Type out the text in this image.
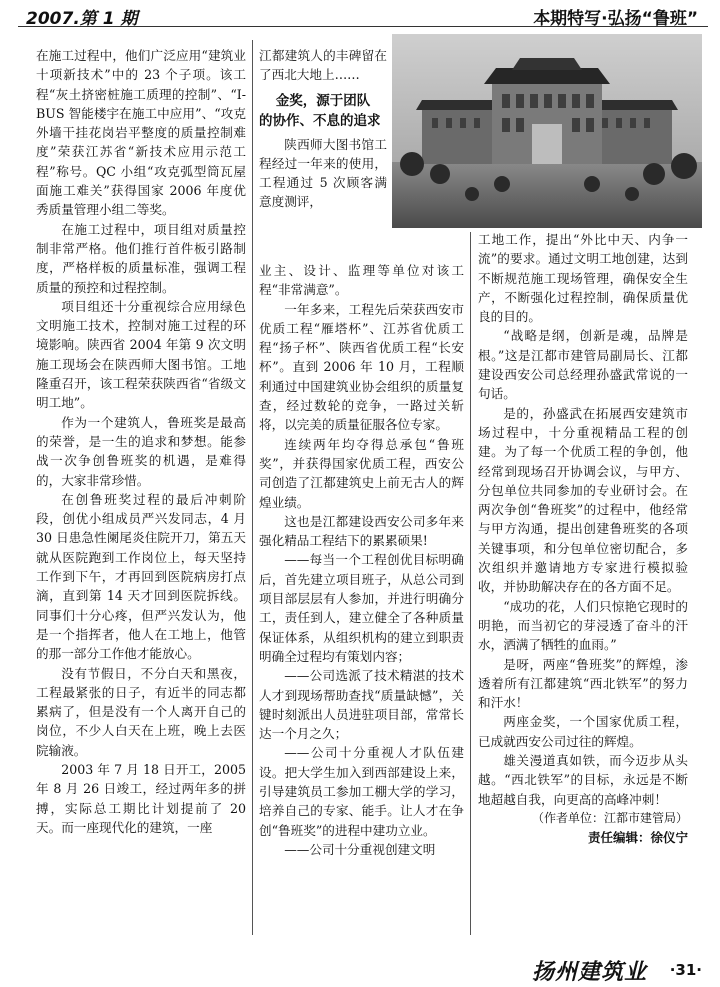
2007.第 1 期	本期特写·弘扬“鲁班”

在施工过程中，他们广泛应用“建筑业十项新技术”中的 23 个子项。该工程“灰土挤密桩施工质理的控制”、“I- BUS 智能楼宇在施工中应用”、“攻克外墙干挂花岗岩平整度的质量控制难度”荣获江苏省“新技术应用示范工程”称号。QC 小组“攻克弧型筒瓦屋面施工难关”获得国家 2006 年度优秀质量管理小组二等奖。

在施工过程中，项目组对质量控制非常严格。他们推行首件板引路制度，严格样板的质量标准，强调工程质量的预控和过程控制。

项目组还十分重视综合应用绿色文明施工技术，控制对施工过程的环境影响。陕西省 2004 年第 9 次文明施工现场会在陕西师大图书馆。工地隆重召开，该工程荣获陕西省“省级文明工地”。

作为一个建筑人，鲁班奖是最高的荣誉，是一生的追求和梦想。能参战一次争创鲁班奖的机遇，是难得的，大家非常珍惜。

在创鲁班奖过程的最后冲刺阶段，创优小组成员严兴发同志，4 月 30 日患急性阑尾炎住院开刀，第五天就从医院跑到工作岗位上，每天坚持工作到下午，才再回到医院病房打点滴，直到第 14 天才回到医院拆线。同事们十分心疼，但严兴发认为，他是一个指挥者，他人在工地上，他管的那一部分工作他才能放心。

没有节假日，不分白天和黑夜，工程最紧张的日子，有近半的同志都累病了，但是没有一个人离开自己的岗位，不少人白天在上班，晚上去医院输液。

2003 年 7 月 18 日开工，2005 年 8 月 26 日竣工，经过两年多的拼搏，实际总工期比计划提前了 20 天。而一座现代化的建筑，一座

江都建筑人的丰碑留在了西北大地上……

金奖，源于团队
的协作、不息的追求

陕西师大图书馆工程经过一年来的使用，工程通过 5 次顾客满意度测评，

业主、设计、监理等单位对该工程“非常满意”。

一年多来，工程先后荣获西安市优质工程“雁塔杯”、江苏省优质工程“扬子杯”、陕西省优质工程“长安杯”。直到 2006 年 10 月，工程顺利通过中国建筑业协会组织的质量复查，经过数轮的竞争，一路过关斩将，以完美的质量征服各位专家。

连续两年均夺得总承包“鲁班奖”，并获得国家优质工程，西安公司创造了江都建筑史上前无古人的辉煌业绩。

这也是江都建设西安公司多年来强化精品工程结下的累累硕果!

——每当一个工程创优目标明确后，首先建立项目班子，从总公司到项目部层层有人参加，并进行明确分工，责任到人，建立健全了各种质量保证体系，从组织机构的建立到职责明确全过程均有策划内容；

——公司选派了技术精湛的技术人才到现场帮助查找“质量缺憾”，关键时刻派出人员进驻项目部，常常长达一个月之久；

——公司十分重视人才队伍建设。把大学生加入到西部建设上来，引导建筑员工参加工棚大学的学习，培养自己的专家、能手。让人才在争创“鲁班奖”的进程中建功立业。

——公司十分重视创建文明

工地工作，提出“外比中天、内争一流”的要求。通过文明工地创建，达到不断规范施工现场管理，确保安全生产，不断强化过程控制，确保质量优良的目的。

“战略是纲，创新是魂，品牌是根。”这是江都市建管局副局长、江都建设西安公司总经理孙盛武常说的一句话。

是的，孙盛武在拓展西安建筑市场过程中，十分重视精品工程的创建。为了每一个优质工程的争创，他经常到现场召开协调会议，与甲方、分包单位共同参加的专业研讨会。在两次争创“鲁班奖”的过程中，他经常与甲方沟通，提出创建鲁班奖的各项关键事项，和分包单位密切配合，多次组织并邀请地方专家进行模拟验收，并协助解决存在的各方面不足。

“成功的花，人们只惊艳它现时的明艳，而当初它的芽浸透了奋斗的汗水，洒满了牺牲的血雨。”

是呀，两座“鲁班奖”的辉煌，渗透着所有江都建筑“西北铁军”的努力和汗水！

两座金奖，一个国家优质工程，已成就西安公司过往的辉煌。

雄关漫道真如铁，而今迈步从头越。“西北铁军”的目标，永远是不断地超越自我，向更高的高峰冲刺！

（作者单位：江都市建管局）

责任编辑：徐仪宁

扬州建筑业 ·31·
